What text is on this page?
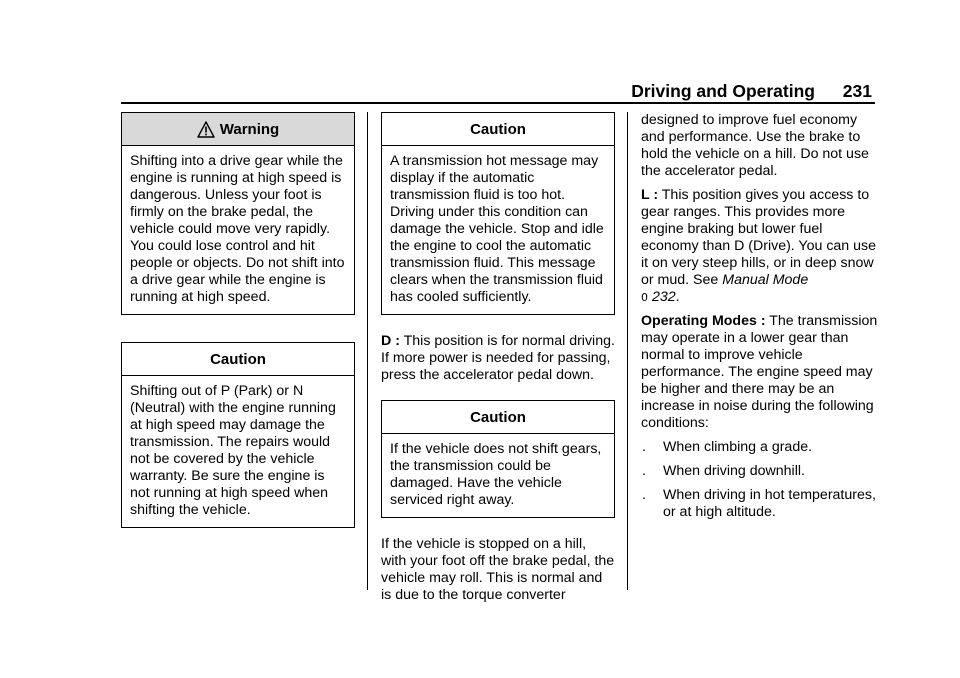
Driving and Operating 231
Warning

Shifting into a drive gear while the engine is running at high speed is dangerous. Unless your foot is firmly on the brake pedal, the vehicle could move very rapidly. You could lose control and hit people or objects. Do not shift into a drive gear while the engine is running at high speed.

Caution

Shifting out of P (Park) or N (Neutral) with the engine running at high speed may damage the transmission. The repairs would not be covered by the vehicle warranty. Be sure the engine is not running at high speed when shifting the vehicle.

Caution

A transmission hot message may display if the automatic transmission fluid is too hot. Driving under this condition can damage the vehicle. Stop and idle the engine to cool the automatic transmission fluid. This message clears when the transmission fluid has cooled sufficiently.

D : This position is for normal driving. If more power is needed for passing, press the accelerator pedal down.

Caution

If the vehicle does not shift gears, the transmission could be damaged. Have the vehicle serviced right away.

If the vehicle is stopped on a hill, with your foot off the brake pedal, the vehicle may roll. This is normal and is due to the torque converter

designed to improve fuel economy and performance. Use the brake to hold the vehicle on a hill. Do not use the accelerator pedal.

L : This position gives you access to gear ranges. This provides more engine braking but lower fuel economy than D (Drive). You can use it on very steep hills, or in deep snow or mud. See Manual Mode
0 232.

Operating Modes : The transmission may operate in a lower gear than normal to improve vehicle performance. The engine speed may be higher and there may be an increase in noise during the following conditions:

.	When climbing a grade.
.	When driving downhill.
.	When driving in hot temperatures, or at high altitude.
